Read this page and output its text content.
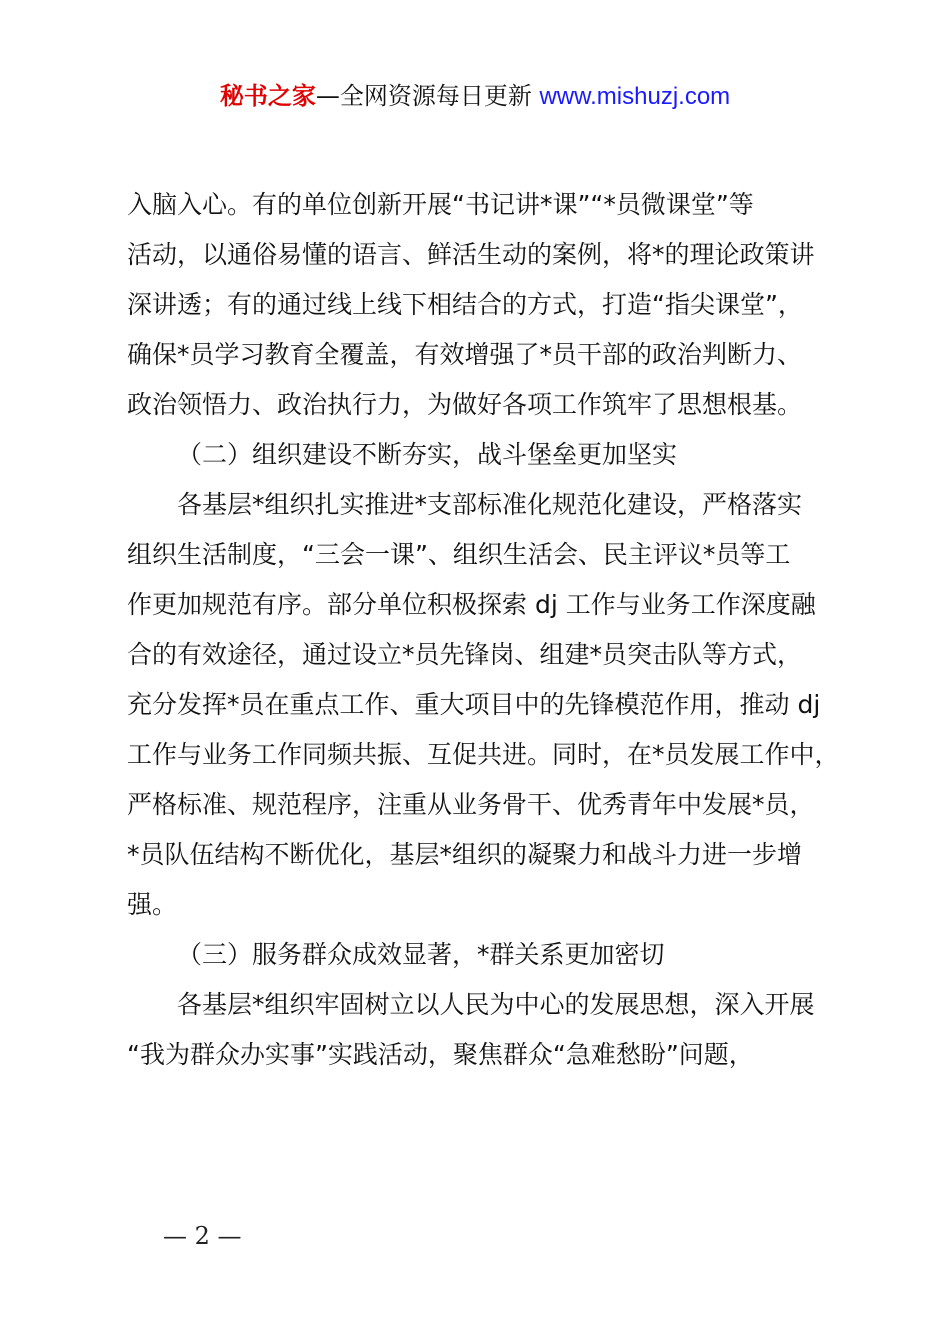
秘书之家—全网资源每日更新 www.mishuzj.com

入脑入心。有的单位创新开展“书记讲*课”“*员微课堂”等
活动，以通俗易懂的语言、鲜活生动的案例，将*的理论政策讲
深讲透；有的通过线上线下相结合的方式，打造“指尖课堂”，
确保*员学习教育全覆盖，有效增强了*员干部的政治判断力、
政治领悟力、政治执行力，为做好各项工作筑牢了思想根基。

（二）组织建设不断夯实，战斗堡垒更加坚实

各基层*组织扎实推进*支部标准化规范化建设，严格落实
组织生活制度，“三会一课”、组织生活会、民主评议*员等工
作更加规范有序。部分单位积极探索 dj 工作与业务工作深度融
合的有效途径，通过设立*员先锋岗、组建*员突击队等方式，
充分发挥*员在重点工作、重大项目中的先锋模范作用，推动 dj
工作与业务工作同频共振、互促共进。同时，在*员发展工作中，
严格标准、规范程序，注重从业务骨干、优秀青年中发展*员，
*员队伍结构不断优化，基层*组织的凝聚力和战斗力进一步增
强。

（三）服务群众成效显著，*群关系更加密切

各基层*组织牢固树立以人民为中心的发展思想，深入开展
“我为群众办实事”实践活动，聚焦群众“急难愁盼”问题，

— 2 —
